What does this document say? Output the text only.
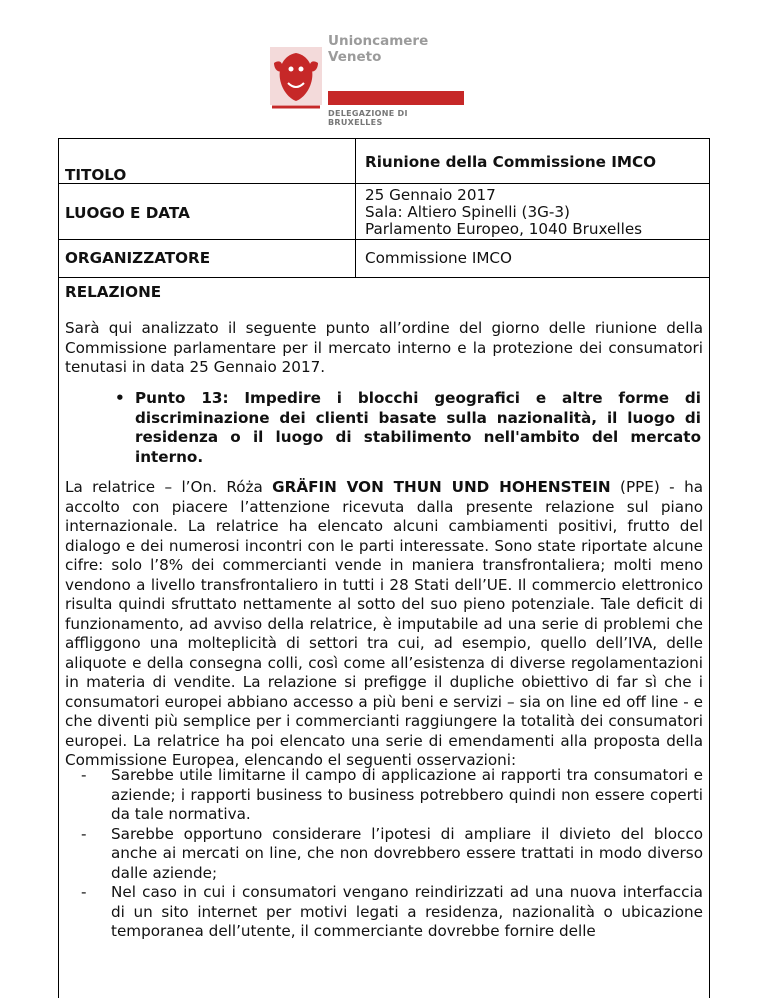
Unioncamere
Veneto
DELEGAZIONE DI BRUXELLES
TITOLO
Riunione della Commissione IMCO
LUOGO E DATA
25 Gennaio 2017
Sala: Altiero Spinelli (3G-3)
Parlamento Europeo, 1040 Bruxelles
ORGANIZZATORE	Commissione IMCO
RELAZIONE
Sarà qui analizzato il seguente punto all’ordine del giorno delle riunione della Commissione parlamentare per il mercato interno e la protezione dei consumatori tenutasi in data 25 Gennaio 2017.
• Punto 13: Impedire i blocchi geografici e altre forme di discriminazione dei clienti basate sulla nazionalità, il luogo di residenza o il luogo di stabilimento nell'ambito del mercato interno.
La relatrice – l’On. Róża GRÄFIN VON THUN UND HOHENSTEIN (PPE) - ha accolto con piacere l’attenzione ricevuta dalla presente relazione sul piano internazionale. La relatrice ha elencato alcuni cambiamenti positivi, frutto del dialogo e dei numerosi incontri con le parti interessate. Sono state riportate alcune cifre: solo l’8% dei commercianti vende in maniera transfrontaliera; molti meno vendono a livello transfrontaliero in tutti i 28 Stati dell’UE. Il commercio elettronico risulta quindi sfruttato nettamente al sotto del suo pieno potenziale. Tale deficit di funzionamento, ad avviso della relatrice, è imputabile ad una serie di problemi che affliggono una molteplicità di settori tra cui, ad esempio, quello dell’IVA, delle aliquote e della consegna colli, così come all’esistenza di diverse regolamentazioni in materia di vendite. La relazione si prefigge il dupliche obiettivo di far sì che i consumatori europei abbiano accesso a più beni e servizi – sia on line ed off line - e che diventi più semplice per i commercianti raggiungere la totalità dei consumatori europei. La relatrice ha poi elencato una serie di emendamenti alla proposta della Commissione Europea, elencando el seguenti osservazioni:
- Sarebbe utile limitarne il campo di applicazione ai rapporti tra consumatori e aziende; i rapporti business to business potrebbero quindi non essere coperti da tale normativa.
- Sarebbe opportuno considerare l’ipotesi di ampliare il divieto del blocco anche ai mercati on line, che non dovrebbero essere trattati in modo diverso dalle aziende;
- Nel caso in cui i consumatori vengano reindirizzati ad una nuova interfaccia di un sito internet per motivi legati a residenza, nazionalità o ubicazione temporanea dell’utente, il commerciante dovrebbe fornire delle
